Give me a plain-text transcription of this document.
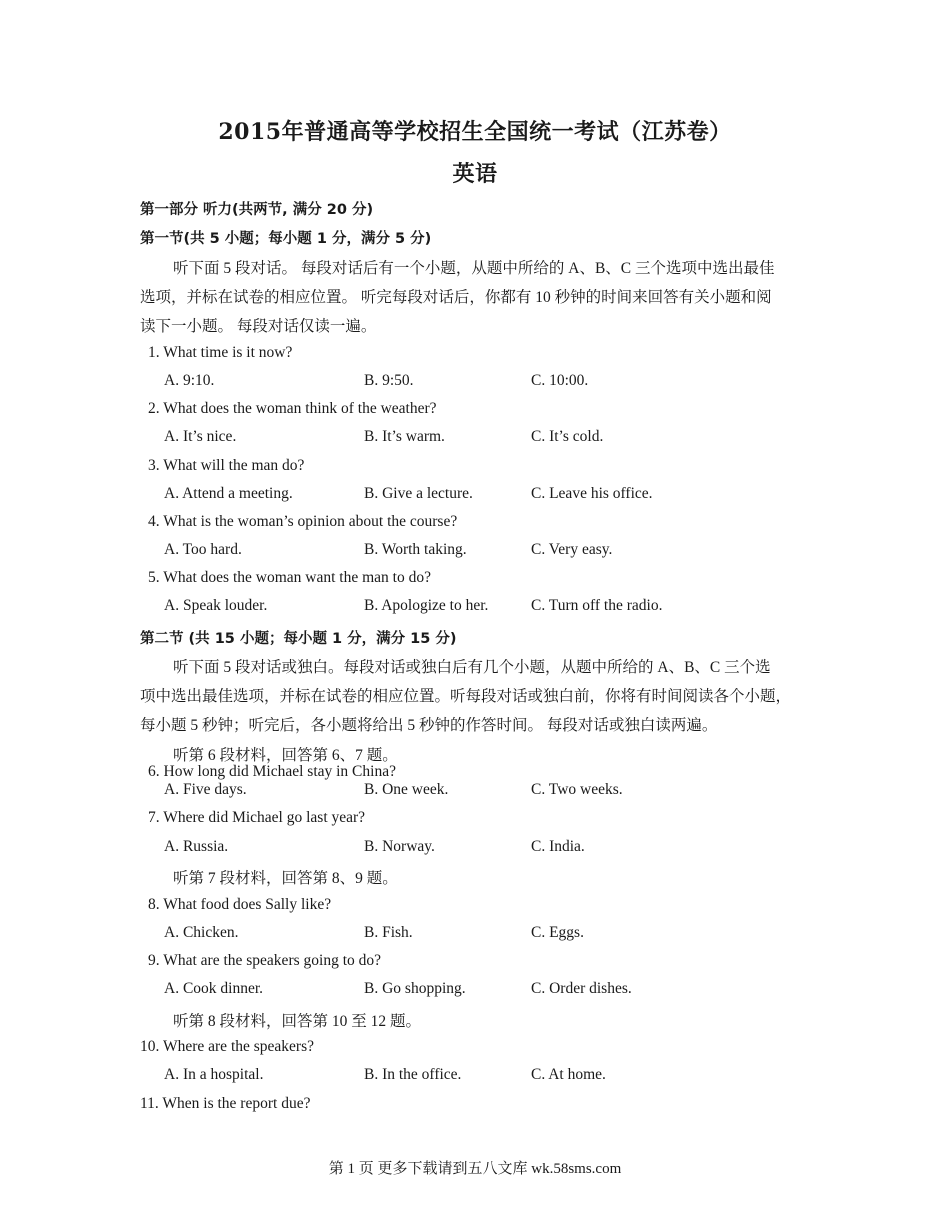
2015年普通高等学校招生全国统一考试（江苏卷）
英语
第一部分 听力(共两节, 满分 20 分)
第一节(共 5 小题；每小题 1 分，满分 5 分)
听下面 5 段对话。 每段对话后有一个小题，从题中所给的 A、B、C 三个选项中选出最佳
选项，并标在试卷的相应位置。 听完每段对话后，你都有 10 秒钟的时间来回答有关小题和阅
读下一小题。 每段对话仅读一遍。
1. What time is it now?
A. 9:10.	B. 9:50.	C. 10:00.
2. What does the woman think of the weather?
A. It’s nice.	B. It’s warm.	C. It’s cold.
3. What will the man do?
A. Attend a meeting.	B. Give a lecture.	C. Leave his office.
4. What is the woman’s opinion about the course?
A. Too hard.	B. Worth taking.	C. Very easy.
5. What does the woman want the man to do?
A. Speak louder.	B. Apologize to her.	C. Turn off the radio.
第二节 (共 15 小题；每小题 1 分，满分 15 分)
听下面 5 段对话或独白。每段对话或独白后有几个小题，从题中所给的 A、B、C 三个选
项中选出最佳选项，并标在试卷的相应位置。听每段对话或独白前，你将有时间阅读各个小题，
每小题 5 秒钟；听完后，各小题将给出 5 秒钟的作答时间。 每段对话或独白读两遍。
听第 6 段材料，回答第 6、7 题。
6. How long did Michael stay in China?
A. Five days.	B. One week.	C. Two weeks.
7. Where did Michael go last year?
A. Russia.	B. Norway.	C. India.
听第 7 段材料，回答第 8、9 题。
8. What food does Sally like?
A. Chicken.	B. Fish.	C. Eggs.
9. What are the speakers going to do?
A. Cook dinner.	B. Go shopping.	C. Order dishes.
听第 8 段材料，回答第 10 至 12 题。
10. Where are the speakers?
A. In a hospital.	B. In the office.	C. At home.
11. When is the report due?
第 1 页 更多下载请到五八文库 wk.58sms.com
